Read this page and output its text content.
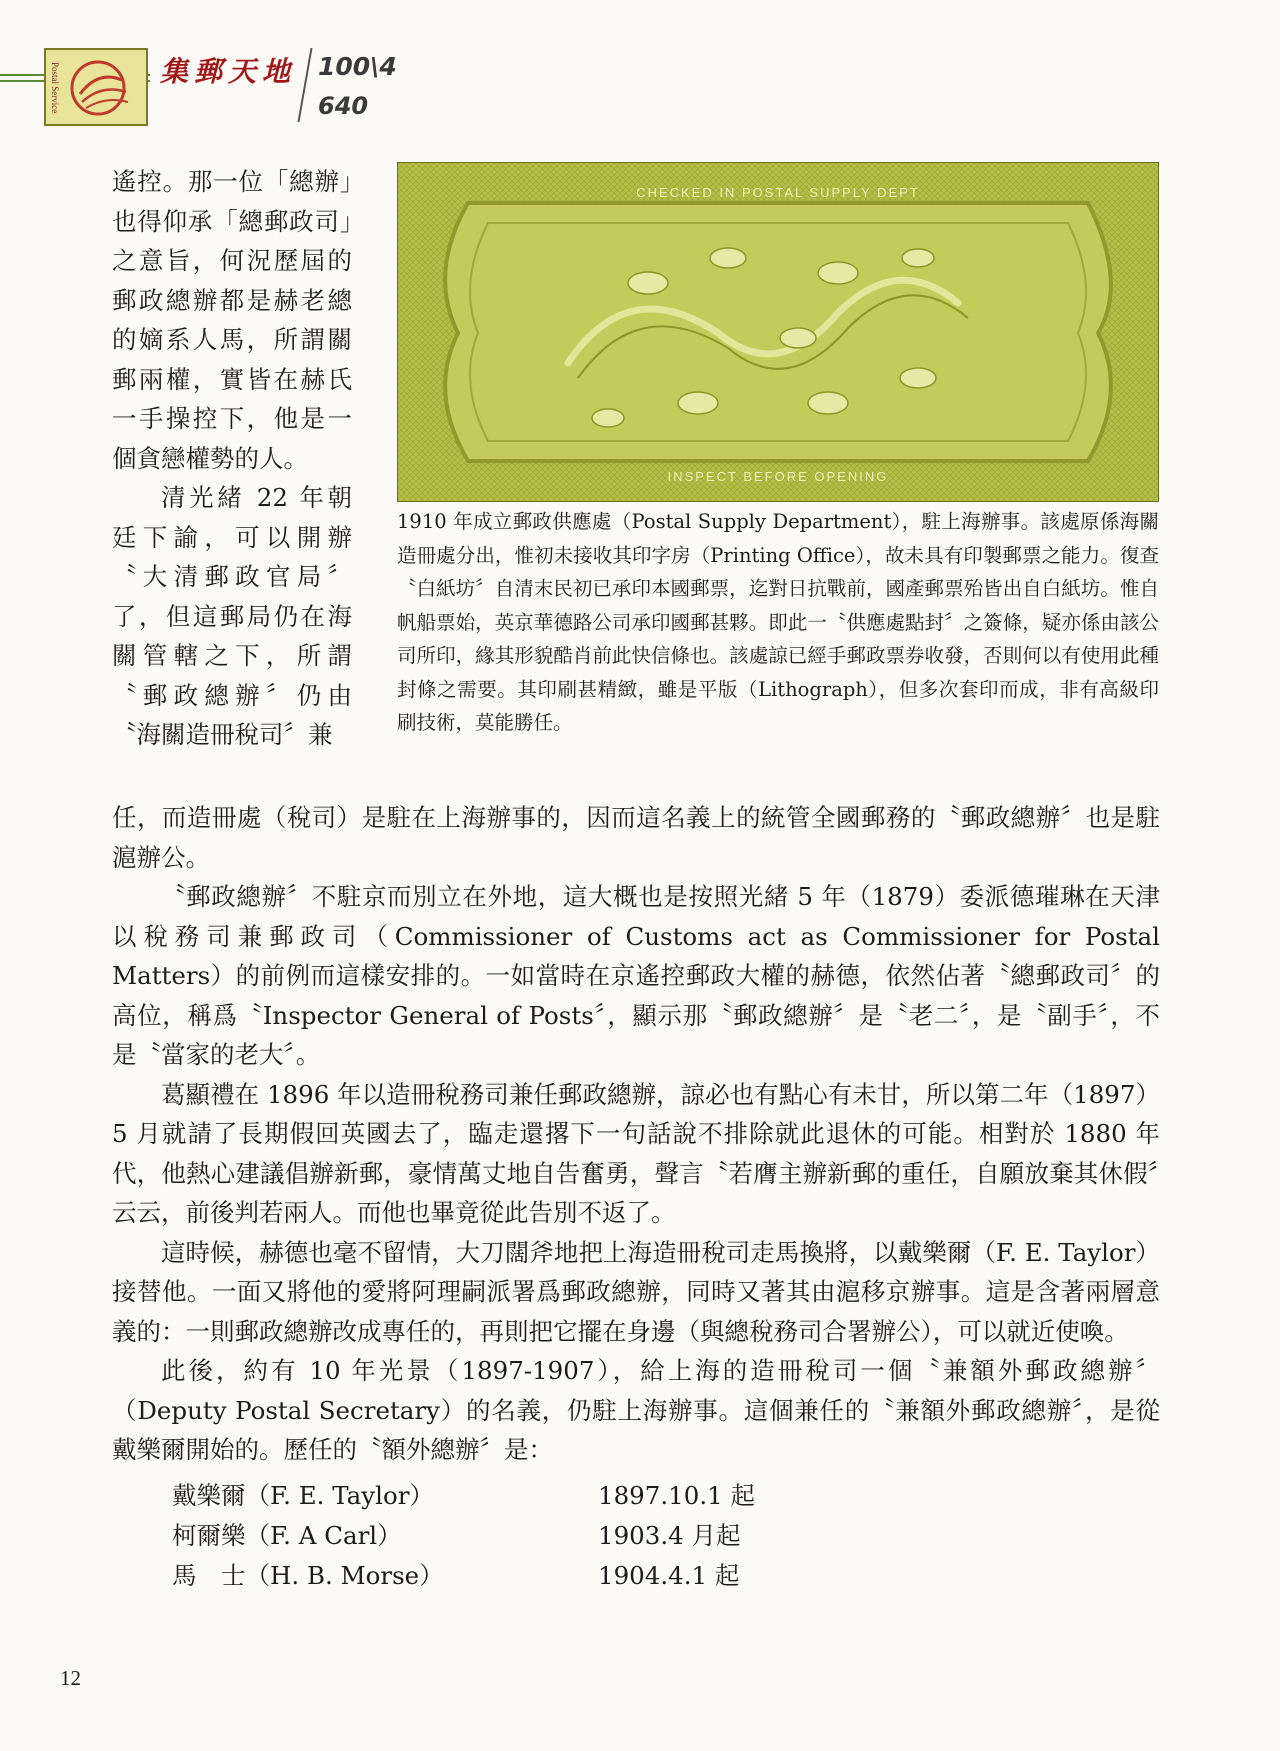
Postal Service	集郵天地 100\4
640

遙控。那一位「總辦」也得仰承「總郵政司」之意旨，何況歷屆的郵政總辦都是赫老總的嫡系人馬，所謂關郵兩權，實皆在赫氏一手操控下，他是一個貪戀權勢的人。

清光緒 22 年朝廷下諭，可以開辦〝大清郵政官局〞了，但這郵局仍在海關管轄之下，所謂〝郵政總辦〞仍由〝海關造冊稅司〞兼

CHECKED IN POSTAL SUPPLY DEPT
INSPECT BEFORE OPENING

1910 年成立郵政供應處（Postal Supply Department），駐上海辦事。該處原係海關造冊處分出，惟初未接收其印字房（Printing Office），故未具有印製郵票之能力。復查〝白紙坊〞自清末民初已承印本國郵票，迄對日抗戰前，國產郵票殆皆出自白紙坊。惟自帆船票始，英京華德路公司承印國郵甚夥。即此一〝供應處點封〞之簽條，疑亦係由該公司所印，緣其形貌酷肖前此快信條也。該處諒已經手郵政票券收發，否則何以有使用此種封條之需要。其印刷甚精緻，雖是平版（Lithograph），但多次套印而成，非有高級印刷技術，莫能勝任。

任，而造冊處（稅司）是駐在上海辦事的，因而這名義上的統管全國郵務的〝郵政總辦〞也是駐滬辦公。

〝郵政總辦〞不駐京而別立在外地，這大概也是按照光緒 5 年（1879）委派德璀琳在天津以稅務司兼郵政司（Commissioner of Customs act as Commissioner for Postal Matters）的前例而這樣安排的。一如當時在京遙控郵政大權的赫德，依然佔著〝總郵政司〞的高位，稱爲〝Inspector General of Posts〞，顯示那〝郵政總辦〞是〝老二〞，是〝副手〞，不是〝當家的老大〞。

葛顯禮在 1896 年以造冊稅務司兼任郵政總辦，諒必也有點心有未甘，所以第二年（1897）5 月就請了長期假回英國去了，臨走還撂下一句話說不排除就此退休的可能。相對於 1880 年代，他熱心建議倡辦新郵，豪情萬丈地自告奮勇，聲言〝若膺主辦新郵的重任，自願放棄其休假〞云云，前後判若兩人。而他也畢竟從此告別不返了。

這時候，赫德也毫不留情，大刀闊斧地把上海造冊稅司走馬換將，以戴樂爾（F. E. Taylor）接替他。一面又將他的愛將阿理嗣派署爲郵政總辦，同時又著其由滬移京辦事。這是含著兩層意義的：一則郵政總辦改成專任的，再則把它擺在身邊（與總稅務司合署辦公），可以就近使喚。

此後，約有 10 年光景（1897-1907），給上海的造冊稅司一個〝兼額外郵政總辦〞（Deputy Postal Secretary）的名義，仍駐上海辦事。這個兼任的〝兼額外郵政總辦〞，是從戴樂爾開始的。歷任的〝額外總辦〞是：

戴樂爾（F. E. Taylor）	1897.10.1 起
柯爾樂（F. A Carl）	1903.4 月起
馬　士（H. B. Morse）	1904.4.1 起
12
